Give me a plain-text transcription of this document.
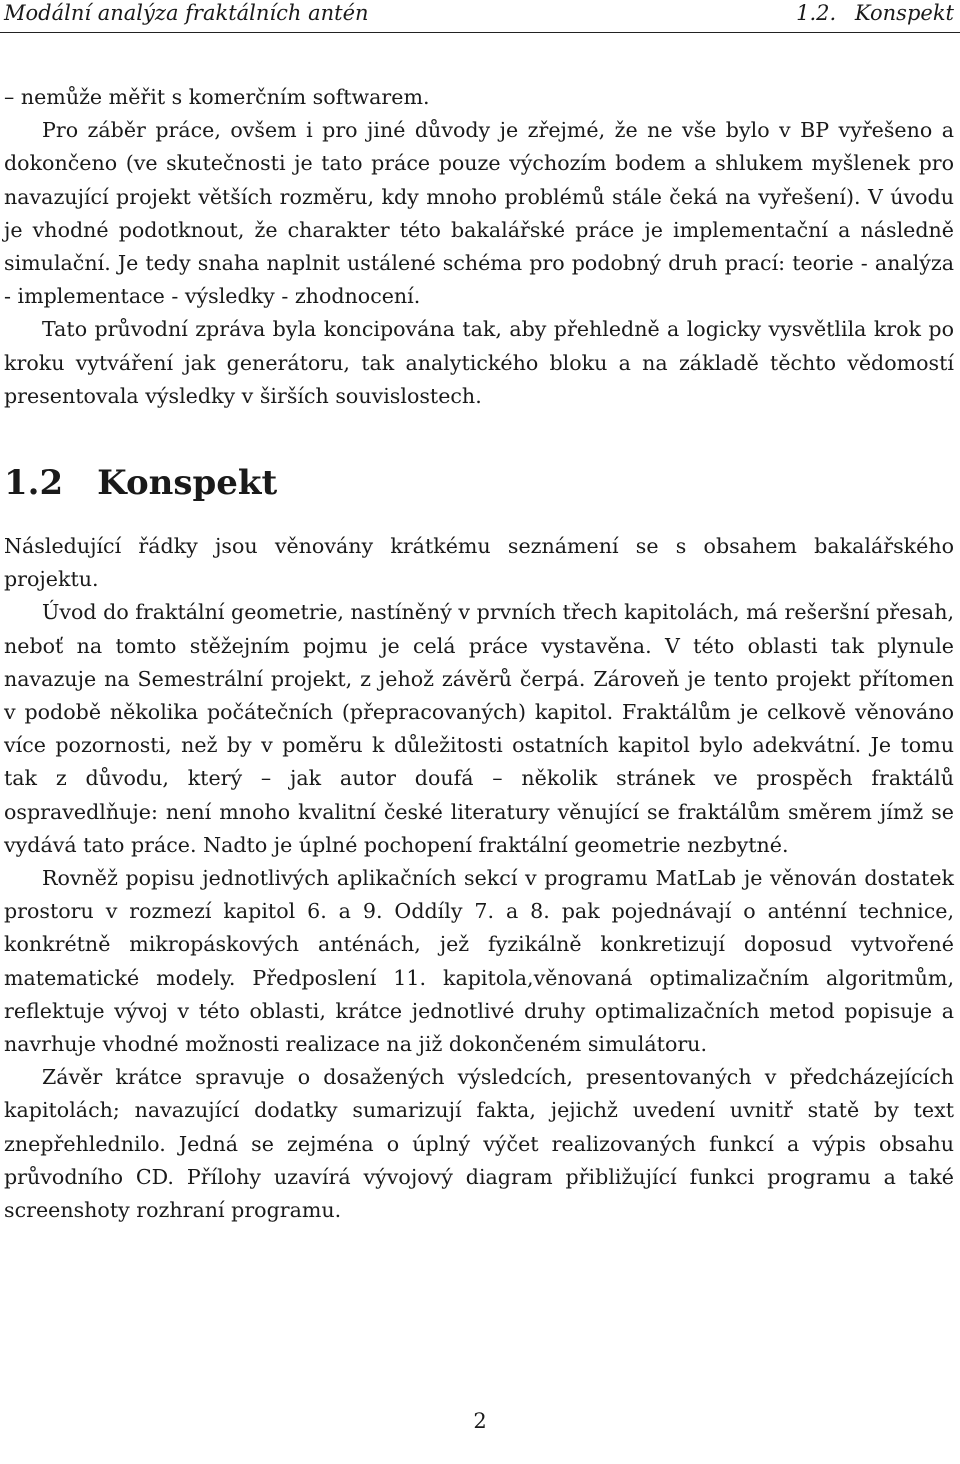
Modální analýza fraktálních antén	1.2. Konspekt

– nemůže měřit s komerčním softwarem.

Pro záběr práce, ovšem i pro jiné důvody je zřejmé, že ne vše bylo v BP vyřešeno a dokončeno (ve skutečnosti je tato práce pouze výchozím bodem a shlukem myšlenek pro navazující projekt větších rozměru, kdy mnoho problémů stále čeká na vyřešení). V úvodu je vhodné podotknout, že charakter této bakalářské práce je implementační a následně simulační. Je tedy snaha naplnit ustálené schéma pro podobný druh prací: teorie - analýza - implementace - výsledky - zhodnocení.

Tato průvodní zpráva byla koncipována tak, aby přehledně a logicky vysvětlila krok po kroku vytváření jak generátoru, tak analytického bloku a na základě těchto vědomostí presentovala výsledky v širších souvislostech.

1.2 Konspekt

Následující řádky jsou věnovány krátkému seznámení se s obsahem bakalářského projektu.

Úvod do fraktální geometrie, nastíněný v prvních třech kapitolách, má rešeršní přesah, neboť na tomto stěžejním pojmu je celá práce vystavěna. V této oblasti tak plynule navazuje na Semestrální projekt, z jehož závěrů čerpá. Zároveň je tento projekt přítomen v podobě několika počátečních (přepracovaných) kapitol. Fraktálům je celkově věnováno více pozornosti, než by v poměru k důležitosti ostatních kapitol bylo adekvátní. Je tomu tak z důvodu, který – jak autor doufá – několik stránek ve prospěch fraktálů ospravedlňuje: není mnoho kvalitní české literatury věnující se fraktálům směrem jímž se vydává tato práce. Nadto je úplné pochopení fraktální geometrie nezbytné.

Rovněž popisu jednotlivých aplikačních sekcí v programu MatLab je věnován dostatek prostoru v rozmezí kapitol 6. a 9. Oddíly 7. a 8. pak pojednávají o anténní technice, konkrétně mikropáskových anténách, jež fyzikálně konkretizují doposud vytvořené matematické modely. Předposlení 11. kapitola,věnovaná optimalizačním algoritmům, reflektuje vývoj v této oblasti, krátce jednotlivé druhy optimalizačních metod popisuje a navrhuje vhodné možnosti realizace na již dokončeném simulátoru.

Závěr krátce spravuje o dosažených výsledcích, presentovaných v předcházejících kapitolách; navazující dodatky sumarizují fakta, jejichž uvedení uvnitř statě by text znepřehlednilo. Jedná se zejména o úplný výčet realizovaných funkcí a výpis obsahu průvodního CD. Přílohy uzavírá vývojový diagram přibližující funkci programu a také screenshoty rozhraní programu.

2
